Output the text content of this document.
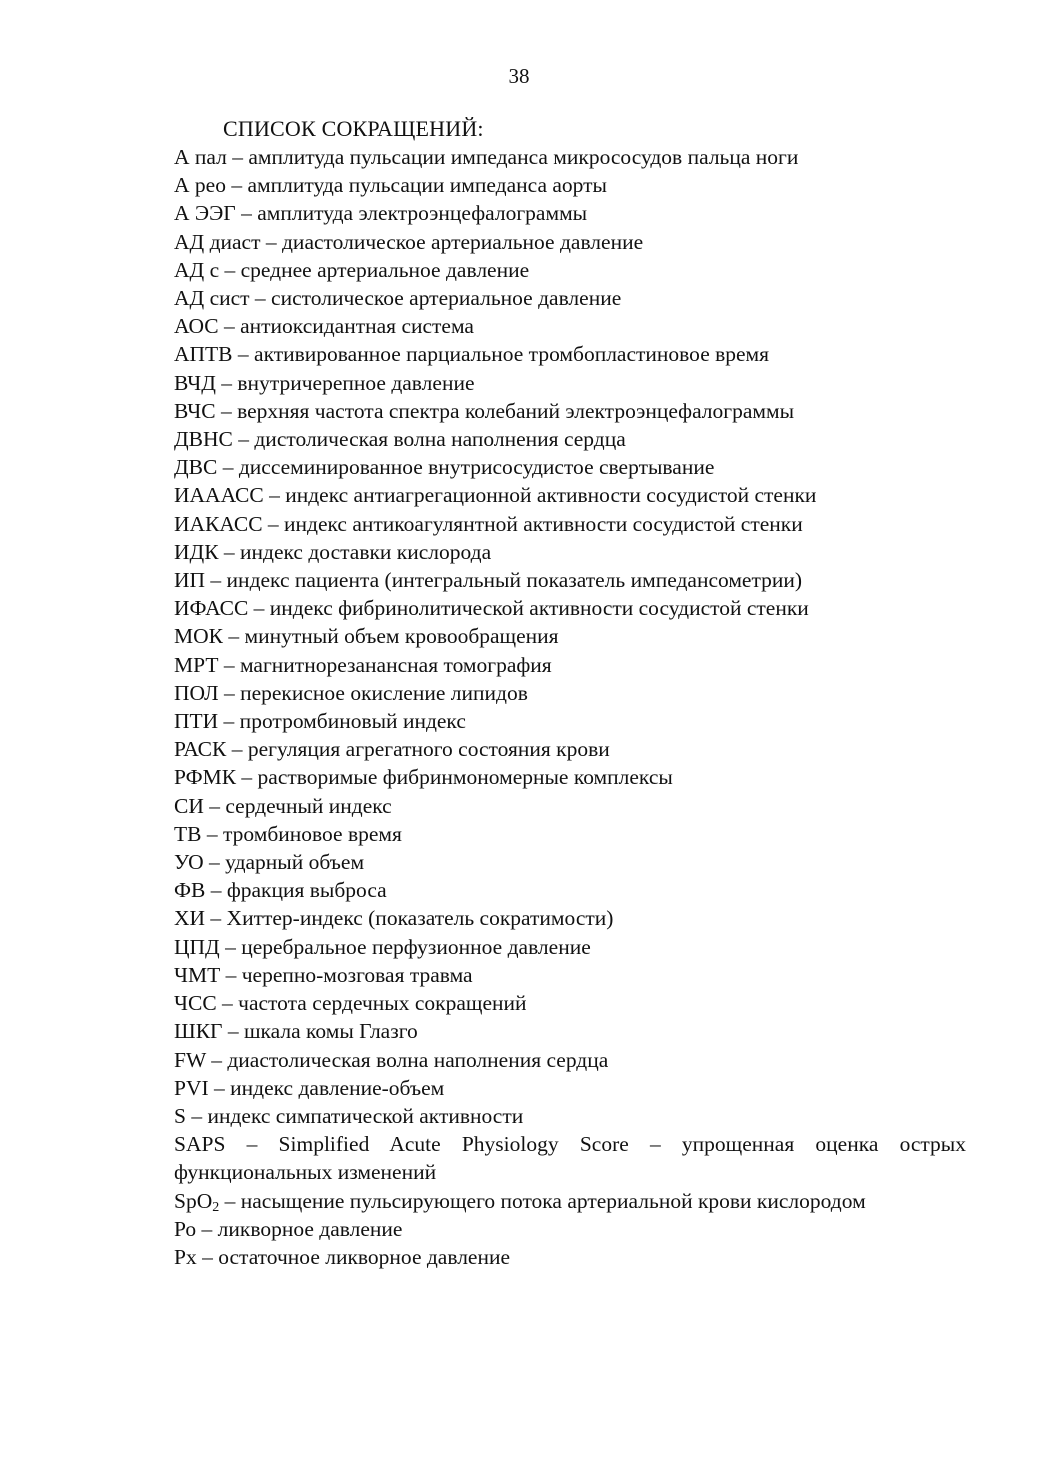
38
СПИСОК СОКРАЩЕНИЙ:
А пал – амплитуда пульсации импеданса микрососудов пальца ноги
А рео – амплитуда пульсации импеданса аорты
А ЭЭГ – амплитуда электроэнцефалограммы
АД диаст – диастолическое артериальное давление
АД с – среднее артериальное давление
АД сист – систолическое артериальное давление
АОС – антиоксидантная система
АПТВ – активированное парциальное тромбопластиновое время
ВЧД – внутричерепное давление
ВЧС – верхняя частота спектра колебаний электроэнцефалограммы
ДВНС – дистолическая волна наполнения сердца
ДВС – диссеминированное внутрисосудистое свертывание
ИАААСС – индекс антиагрегационной активности сосудистой стенки
ИАКАСС – индекс антикоагулянтной активности сосудистой стенки
ИДК – индекс доставки кислорода
ИП – индекс пациента (интегральный показатель импедансометрии)
ИФАСС – индекс фибринолитической активности сосудистой стенки
МОК – минутный объем кровообращения
МРТ – магнитнорезанансная томография
ПОЛ – перекисное окисление липидов
ПТИ – протромбиновый индекс
РАСК – регуляция агрегатного состояния крови
РФМК – растворимые фибринмономерные комплексы
СИ – сердечный индекс
ТВ – тромбиновое время
УО – ударный объем
ФВ – фракция выброса
ХИ – Хиттер-индекс (показатель сократимости)
ЦПД – церебральное перфузионное давление
ЧМТ – черепно-мозговая травма
ЧСС – частота сердечных сокращений
ШКГ – шкала комы Глазго
FW – диастолическая волна наполнения сердца
PVI – индекс давление-объем
S – индекс симпатической активности
SAPS – Simplified Acute Physiology Score – упрощенная оценка острых
функциональных изменений
SpO$_2$ – насыщение пульсирующего потока артериальной крови кислородом
Ро – ликворное давление
Рх – остаточное ликворное давление
